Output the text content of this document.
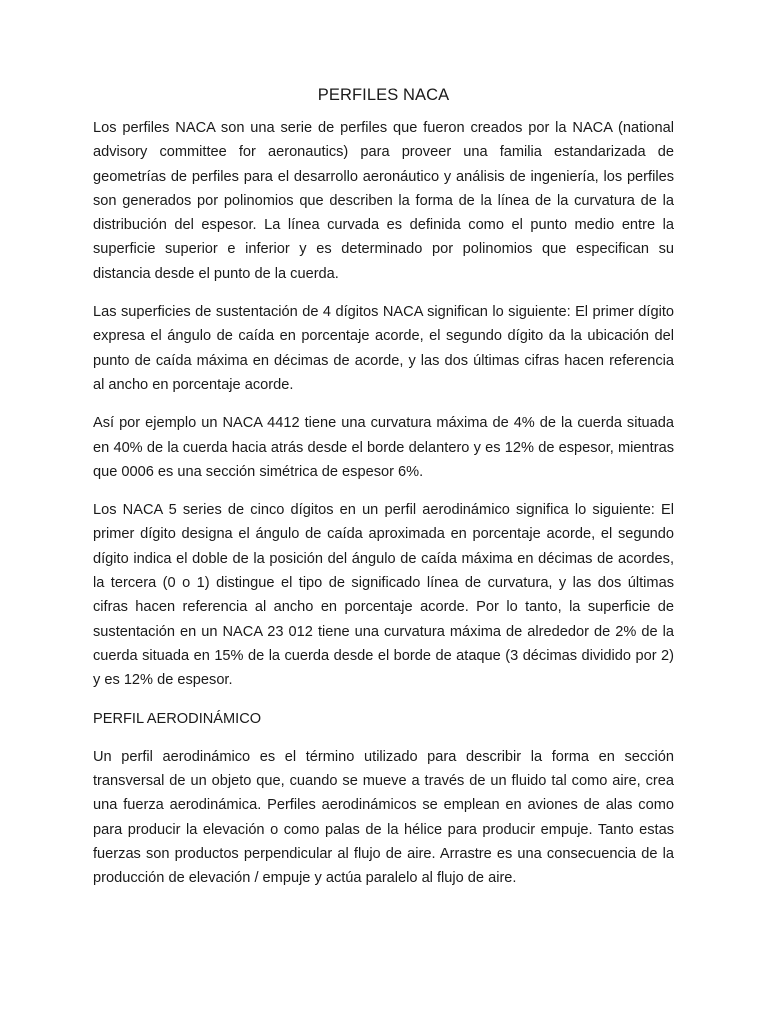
PERFILES NACA

Los perfiles NACA son una serie de perfiles que fueron creados por la NACA (national advisory committee for aeronautics) para proveer una familia estandarizada de geometrías de perfiles para el desarrollo aeronáutico y análisis de ingeniería, los perfiles son generados por polinomios que describen la forma de la línea de la curvatura de la distribución del espesor. La línea curvada es definida como el punto medio entre la superficie superior e inferior y es determinado por polinomios que especifican su distancia desde el punto de la cuerda.

Las superficies de sustentación de 4 dígitos NACA significan lo siguiente: El primer dígito expresa el ángulo de caída en porcentaje acorde, el segundo dígito da la ubicación del punto de caída máxima en décimas de acorde, y las dos últimas cifras hacen referencia al ancho en porcentaje acorde.

Así por ejemplo un NACA 4412 tiene una curvatura máxima de 4% de la cuerda situada en 40% de la cuerda hacia atrás desde el borde delantero y es 12% de espesor, mientras que 0006 es una sección simétrica de espesor 6%.

Los NACA 5 series de cinco dígitos en un perfil aerodinámico significa lo siguiente: El primer dígito designa el ángulo de caída aproximada en porcentaje acorde, el segundo dígito indica el doble de la posición del ángulo de caída máxima en décimas de acordes, la tercera (0 o 1) distingue el tipo de significado línea de curvatura, y las dos últimas cifras hacen referencia al ancho en porcentaje acorde. Por lo tanto, la superficie de sustentación en un NACA 23 012 tiene una curvatura máxima de alrededor de 2% de la cuerda situada en 15% de la cuerda desde el borde de ataque (3 décimas dividido por 2) y es 12% de espesor.

PERFIL AERODINÁMICO

Un perfil aerodinámico es el término utilizado para describir la forma en sección transversal de un objeto que, cuando se mueve a través de un fluido tal como aire, crea una fuerza aerodinámica. Perfiles aerodinámicos se emplean en aviones de alas como para producir la elevación o como palas de la hélice para producir empuje. Tanto estas fuerzas son productos perpendicular al flujo de aire. Arrastre es una consecuencia de la producción de elevación / empuje y actúa paralelo al flujo de aire.
